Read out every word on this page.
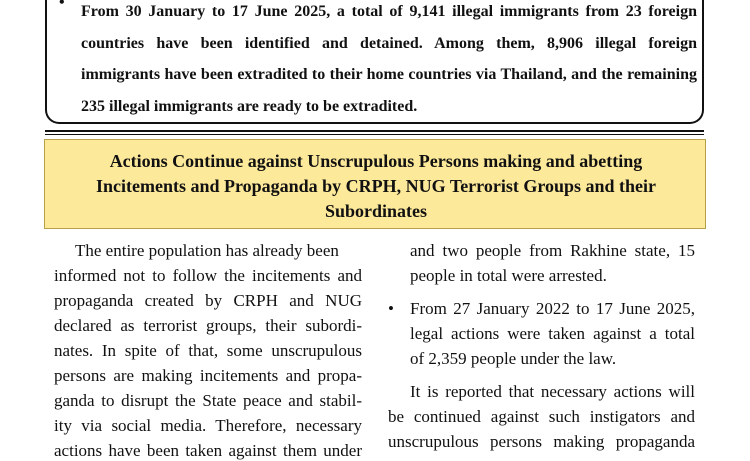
•
From 30 January to 17 June 2025, a total of 9,141 illegal immigrants from 23 foreign countries have been identified and detained. Among them, 8,906 illegal foreign immigrants have been extradited to their home countries via Thailand, and the remaining 235 illegal immigrants are ready to be extradited.
Actions Continue against Unscrupulous Persons making and abetting
Incitements and Propaganda by CRPH, NUG Terrorist Groups and their
Subordinates
The entire population has already been
informed not to follow the incitements and
propaganda created by CRPH and NUG
declared as terrorist groups, their subordi-
nates. In spite of that, some unscrupulous
persons are making incitements and propa-
ganda to disrupt the State peace and stabil-
ity via social media. Therefore, necessary
actions have been taken against them under
and two people from Rakhine state, 15
people in total were arrested.
• From 27 January 2022 to 17 June 2025,
legal actions were taken against a total
of 2,359 people under the law.
It is reported that necessary actions will
be continued against such instigators and
unscrupulous persons making propaganda
